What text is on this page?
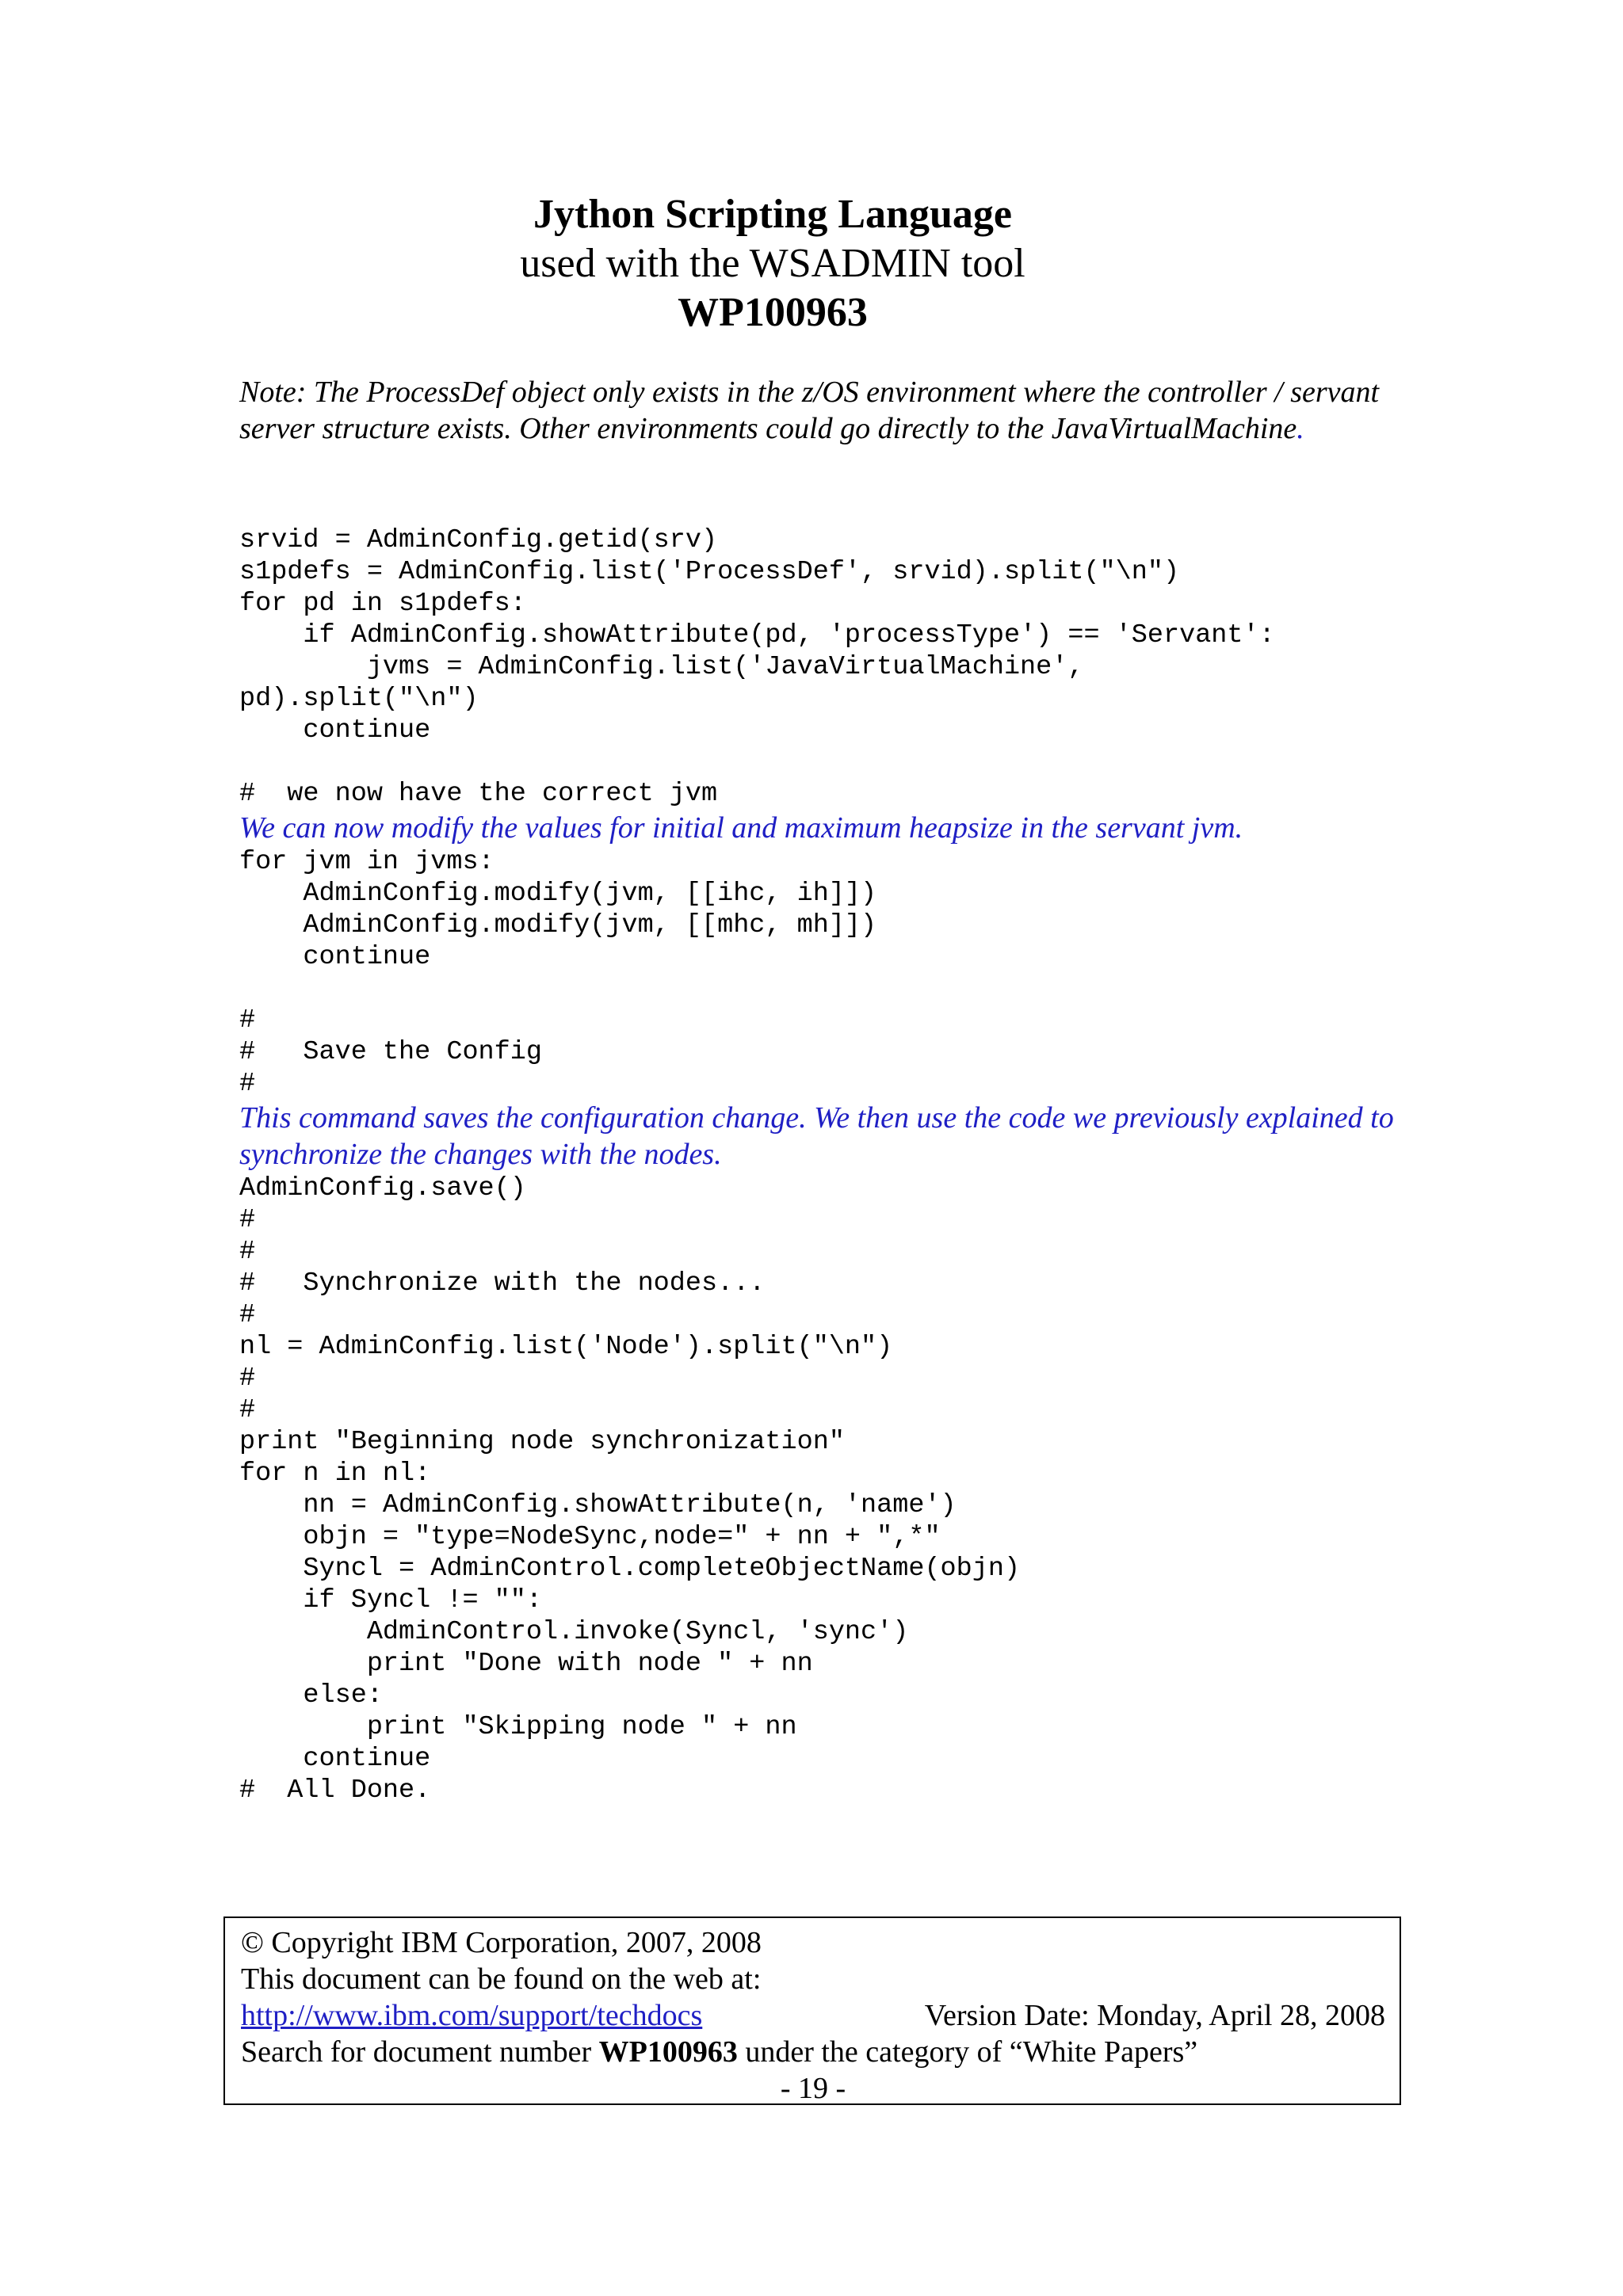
Jython Scripting Language
used with the WSADMIN tool
WP100963
Note: The ProcessDef object only exists in the z/OS environment where the controller / servant server structure exists. Other environments could go directly to the JavaVirtualMachine.
srvid = AdminConfig.getid(srv)
s1pdefs = AdminConfig.list('ProcessDef', srvid).split("\n")
for pd in s1pdefs:
if AdminConfig.showAttribute(pd, 'processType') == 'Servant':
jvms = AdminConfig.list('JavaVirtualMachine',
pd).split("\n")
continue
#  we now have the correct jvm

We can now modify the values for initial and maximum heapsize in the servant jvm.

for jvm in jvms:
AdminConfig.modify(jvm, [[ihc, ih]])
AdminConfig.modify(jvm, [[mhc, mh]])
continue
#
#   Save the Config
#

This command saves the configuration change. We then use the code we previously explained to synchronize the changes with the nodes.

AdminConfig.save()
#
#
#   Synchronize with the nodes...
#
nl = AdminConfig.list('Node').split("\n")
#
#
print "Beginning node synchronization"
for n in nl:
nn = AdminConfig.showAttribute(n, 'name')
objn = "type=NodeSync,node=" + nn + ",*"
Syncl = AdminControl.completeObjectName(objn)
if Syncl != "":
AdminControl.invoke(Syncl, 'sync')
print "Done with node " + nn
else:
print "Skipping node " + nn
continue
#  All Done.
© Copyright IBM Corporation, 2007, 2008
This document can be found on the web at:
http://www.ibm.com/support/techdocs	Version Date: Monday, April 28, 2008
Search for document number WP100963 under the category of “White Papers”
- 19 -
